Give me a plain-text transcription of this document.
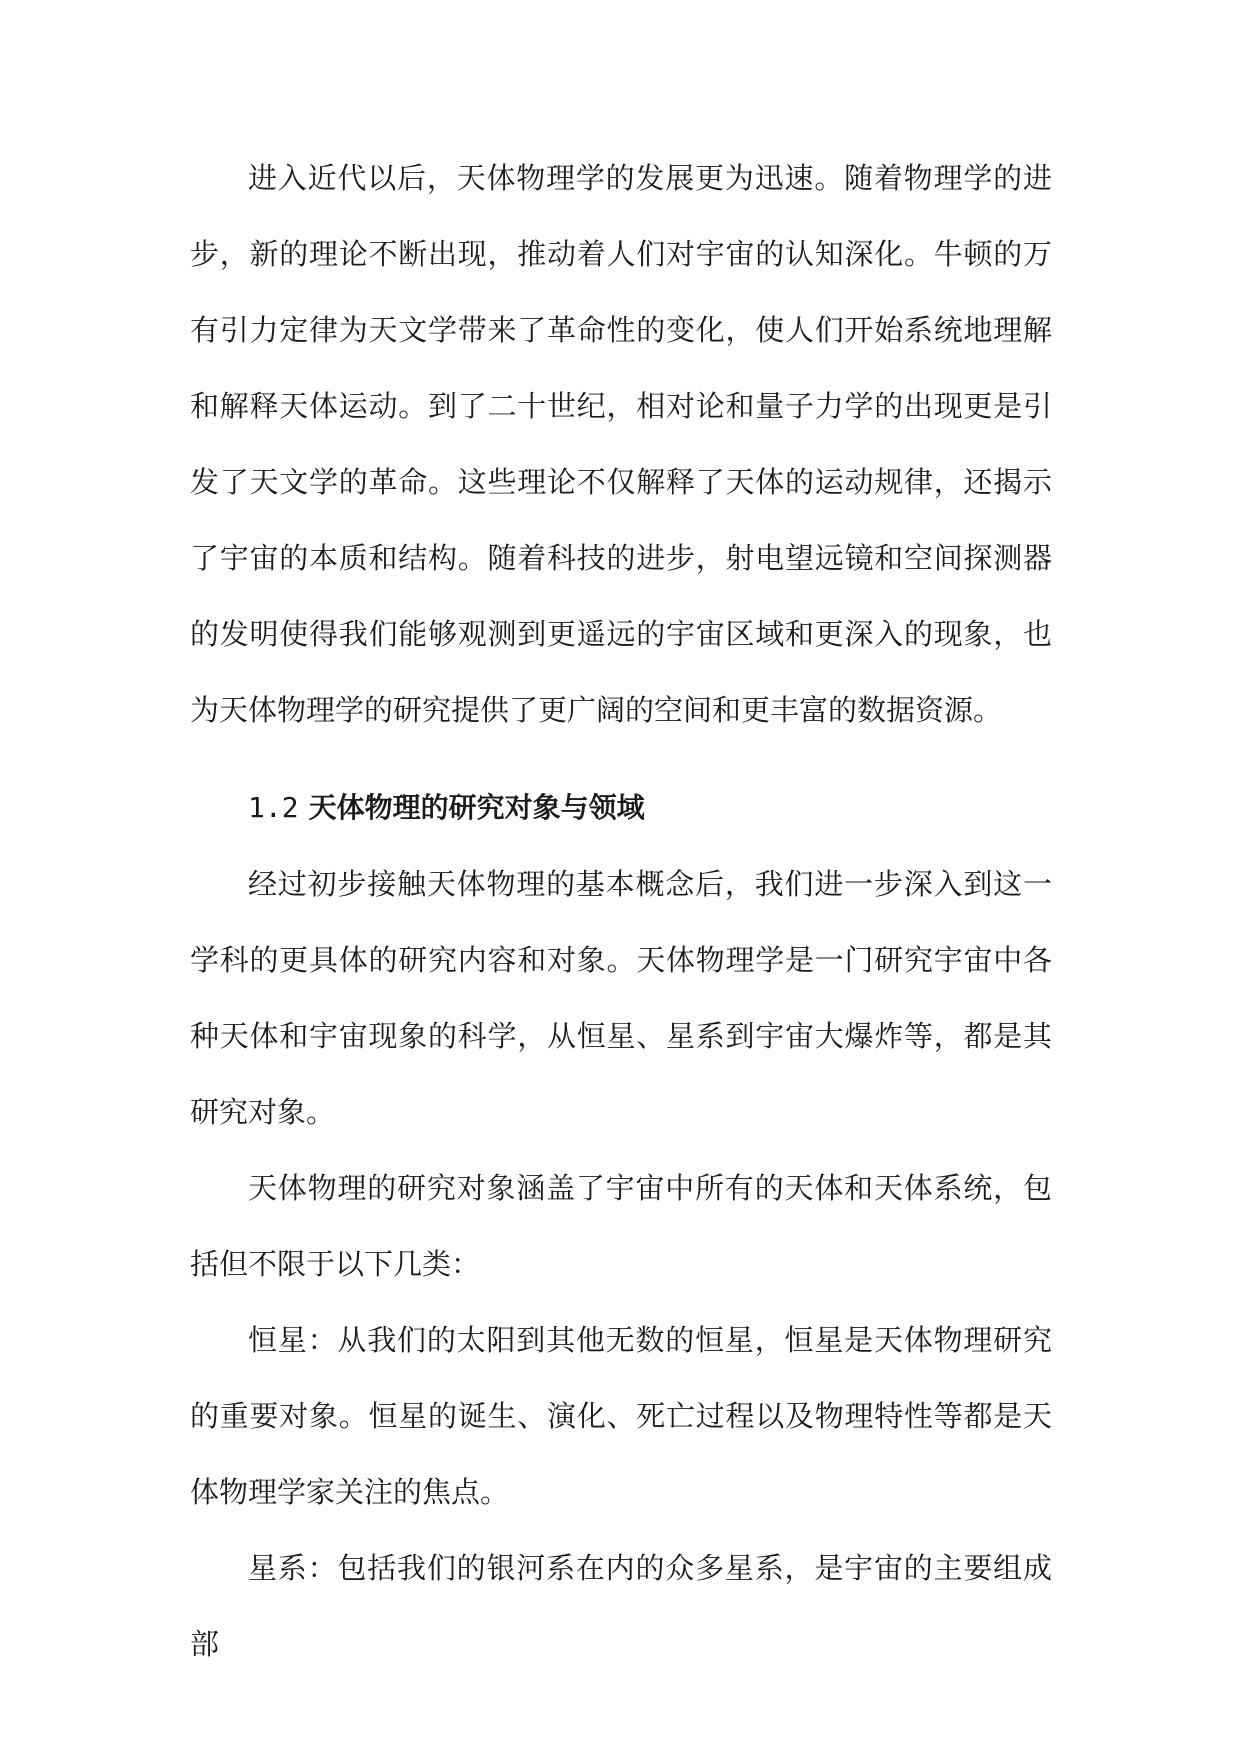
进入近代以后，天体物理学的发展更为迅速。随着物理学的进步，新的理论不断出现，推动着人们对宇宙的认知深化。牛顿的万有引力定律为天文学带来了革命性的变化，使人们开始系统地理解和解释天体运动。到了二十世纪，相对论和量子力学的出现更是引发了天文学的革命。这些理论不仅解释了天体的运动规律，还揭示了宇宙的本质和结构。随着科技的进步，射电望远镜和空间探测器的发明使得我们能够观测到更遥远的宇宙区域和更深入的现象，也为天体物理学的研究提供了更广阔的空间和更丰富的数据资源。

1.2 天体物理的研究对象与领域

经过初步接触天体物理的基本概念后，我们进一步深入到这一学科的更具体的研究内容和对象。天体物理学是一门研究宇宙中各种天体和宇宙现象的科学，从恒星、星系到宇宙大爆炸等，都是其研究对象。

天体物理的研究对象涵盖了宇宙中所有的天体和天体系统，包括但不限于以下几类：

恒星：从我们的太阳到其他无数的恒星，恒星是天体物理研究的重要对象。恒星的诞生、演化、死亡过程以及物理特性等都是天体物理学家关注的焦点。

星系：包括我们的银河系在内的众多星系，是宇宙的主要组成部
